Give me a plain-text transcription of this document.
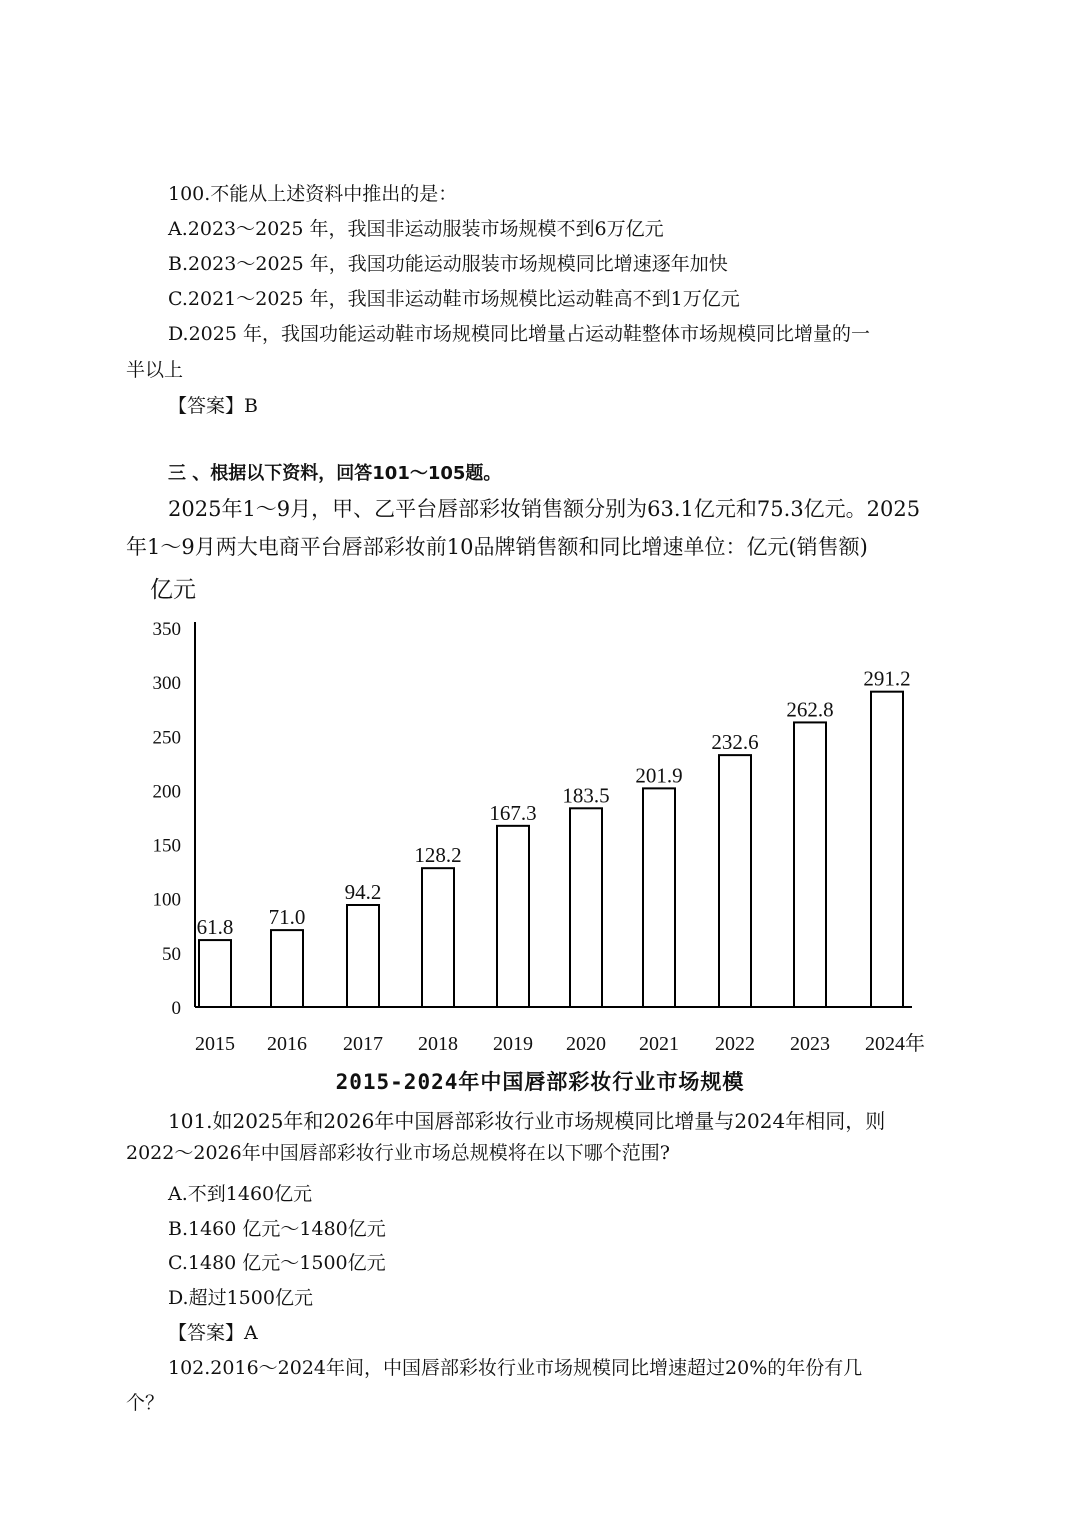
100.不能从上述资料中推出的是：
A.2023～2025 年，我国非运动服装市场规模不到6万亿元
B.2023～2025 年，我国功能运动服装市场规模同比增速逐年加快
C.2021～2025 年，我国非运动鞋市场规模比运动鞋高不到1万亿元
D.2025 年，我国功能运动鞋市场规模同比增量占运动鞋整体市场规模同比增量的一
半以上
【答案】B
三 、根据以下资料，回答101～105题。
2025年1～9月，甲、乙平台唇部彩妆销售额分别为63.1亿元和75.3亿元。2025
年1～9月两大电商平台唇部彩妆前10品牌销售额和同比增速单位：亿元(销售额)
亿元
0
50
100
150
200
250
300
350
61.8 71.0
94.2
128.2
167.3
183.5
201.9
232.6
262.8
291.2
2015 2016 2017 2018 2019 2020 2021 2022 2023 2024年
2015-2024年中国唇部彩妆行业市场规模
101.如2025年和2026年中国唇部彩妆行业市场规模同比增量与2024年相同，则
2022～2026年中国唇部彩妆行业市场总规模将在以下哪个范围?
A.不到1460亿元
B.1460 亿元～1480亿元
C.1480 亿元～1500亿元
D.超过1500亿元
【答案】A
102.2016～2024年间，中国唇部彩妆行业市场规模同比增速超过20%的年份有几
个？
